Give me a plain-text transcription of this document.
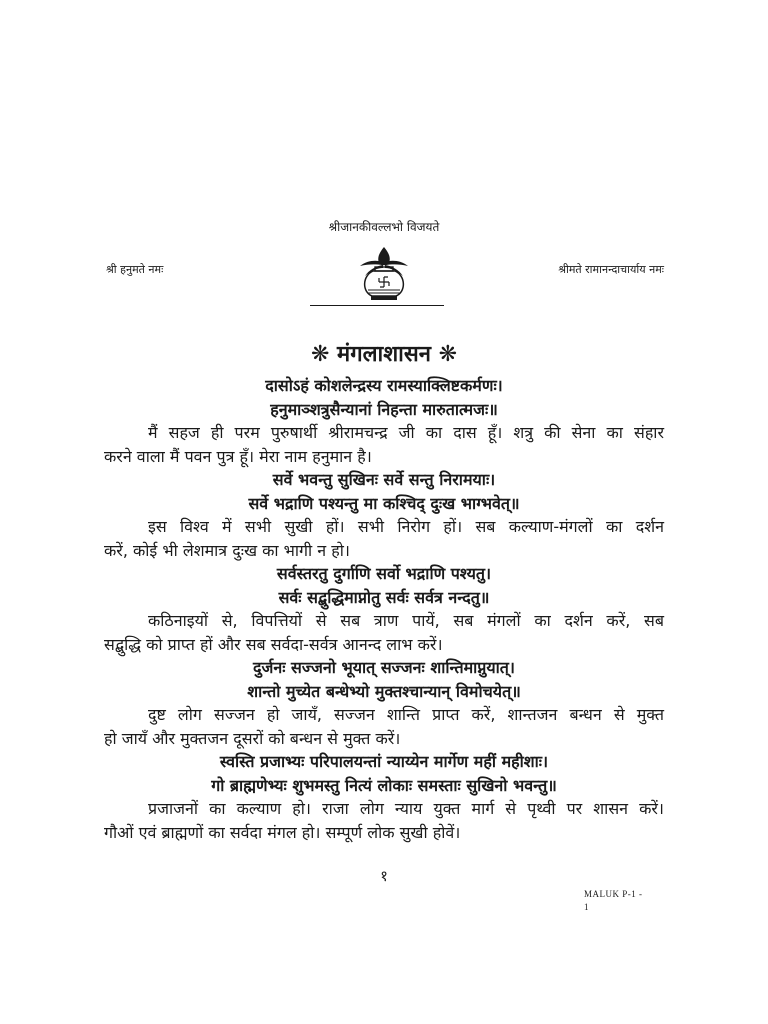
श्रीजानकीवल्लभो विजयते
श्री हनुमते नमः	श्रीमते रामानन्दाचार्याय नमः
❋ मंगलाशासन ❋
दासोऽहं कोशलेन्द्रस्य रामस्याक्लिष्टकर्मणः।
हनुमाञ्शत्रुसैन्यानां निहन्ता मारुतात्मजः॥
मैं सहज ही परम पुरुषार्थी श्रीरामचन्द्र जी का दास हूँ। शत्रु की सेना का संहार
करने वाला मैं पवन पुत्र हूँ। मेरा नाम हनुमान है।
सर्वे भवन्तु सुखिनः सर्वे सन्तु निरामयाः।
सर्वे भद्राणि पश्यन्तु मा कश्चिद् दुःख भाग्भवेत्॥
इस विश्व में सभी सुखी हों। सभी निरोग हों। सब कल्याण-मंगलों का दर्शन
करें, कोई भी लेशमात्र दुःख का भागी न हो।
सर्वस्तरतु दुर्गाणि सर्वो भद्राणि पश्यतु।
सर्वः सद्बुद्धिमाप्नोतु सर्वः सर्वत्र नन्दतु॥
कठिनाइयों से, विपत्तियों से सब त्राण पायें, सब मंगलों का दर्शन करें, सब
सद्बुद्धि को प्राप्त हों और सब सर्वदा-सर्वत्र आनन्द लाभ करें।
दुर्जनः सज्जनो भूयात् सज्जनः शान्तिमाप्नुयात्।
शान्तो मुच्येत बन्धेभ्यो मुक्तश्चान्यान् विमोचयेत्॥
दुष्ट लोग सज्जन हो जायँ, सज्जन शान्ति प्राप्त करें, शान्तजन बन्धन से मुक्त
हो जायँ और मुक्तजन दूसरों को बन्धन से मुक्त करें।
स्वस्ति प्रजाभ्यः परिपालयन्तां न्याय्येन मार्गेण महीं महीशाः।
गो ब्राह्मणेभ्यः शुभमस्तु नित्यं लोकाः समस्ताः सुखिनो भवन्तु॥
प्रजाजनों का कल्याण हो। राजा लोग न्याय युक्त मार्ग से पृथ्वी पर शासन करें।
गौओं एवं ब्राह्मणों का सर्वदा मंगल हो। सम्पूर्ण लोक सुखी होवें।
१
MALUK P-1 -
1
